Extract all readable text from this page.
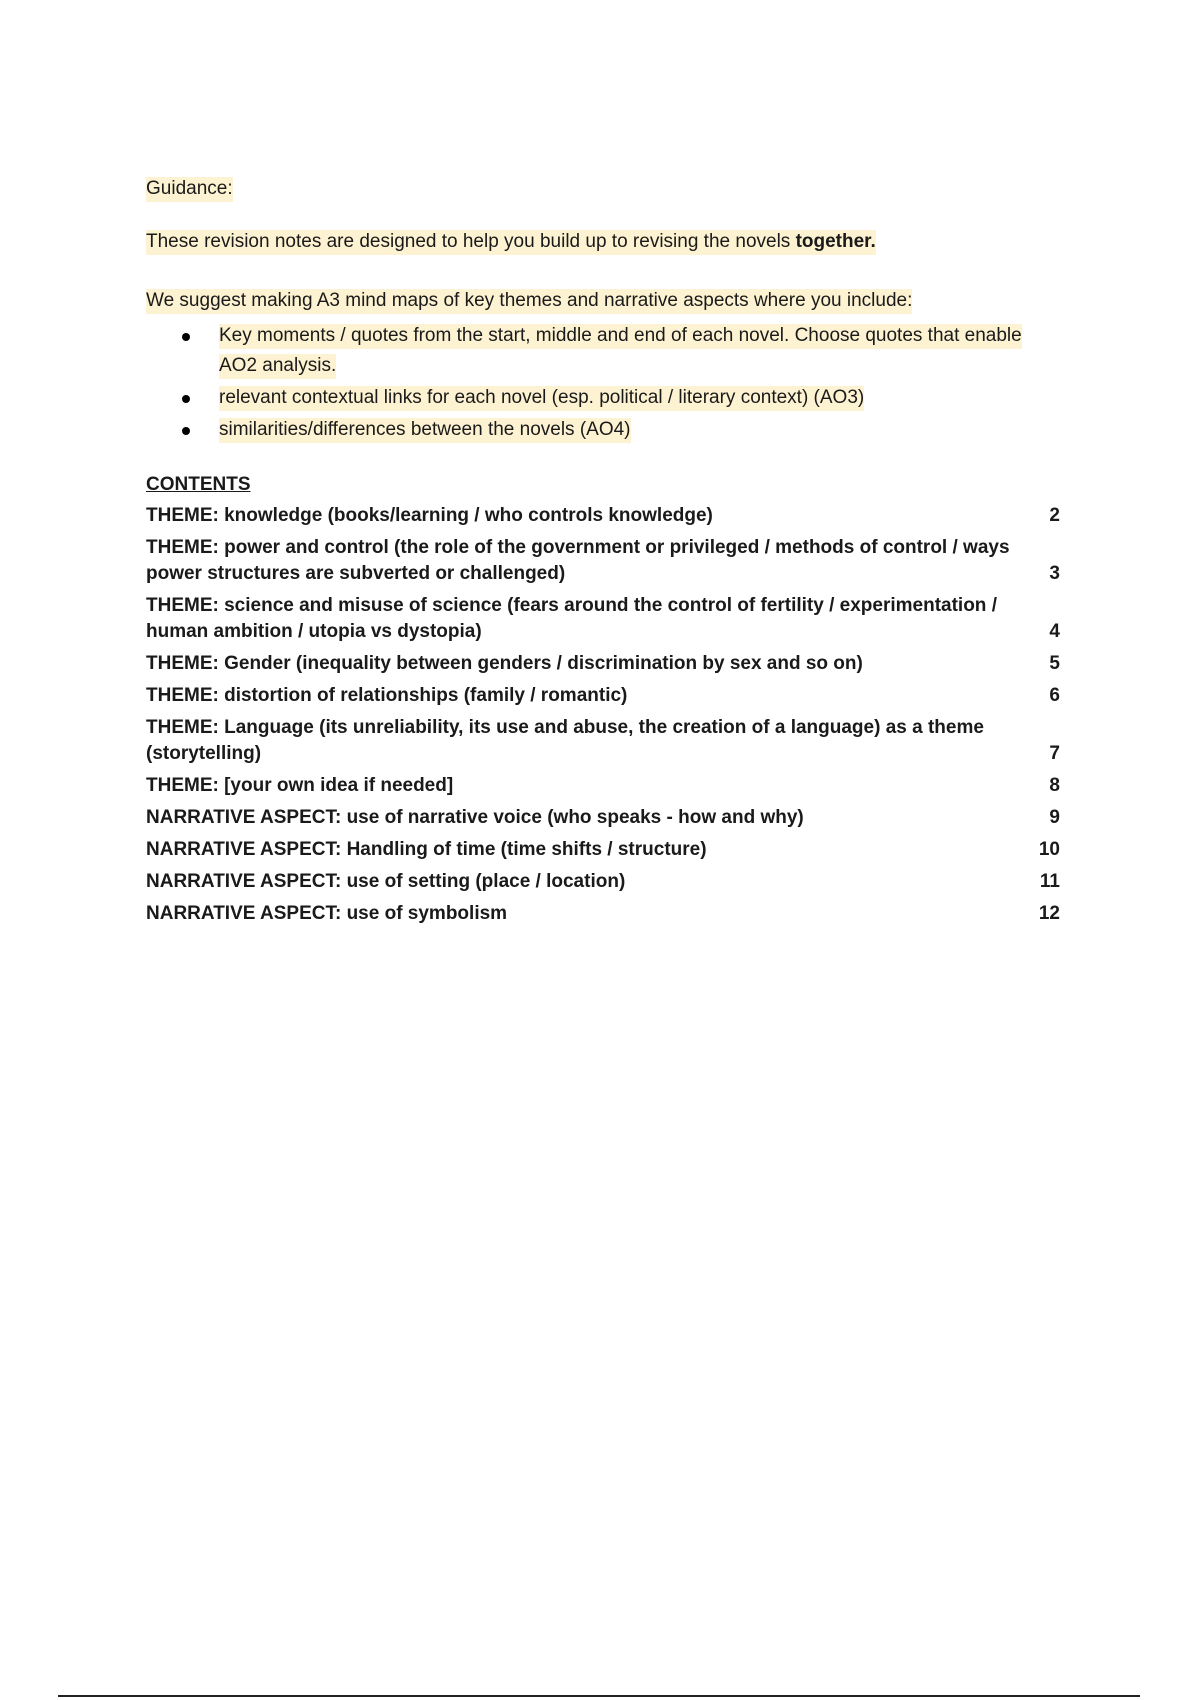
Guidance:
These revision notes are designed to help you build up to revising the novels together.
We suggest making A3 mind maps of key themes and narrative aspects where you include:
Key moments / quotes from the start, middle and end of each novel. Choose quotes that enable AO2 analysis.
relevant contextual links for each novel (esp. political / literary context) (AO3)
similarities/differences between the novels (AO4)
CONTENTS
THEME: knowledge (books/learning / who controls knowledge)	2
THEME: power and control (the role of the government or privileged / methods of control / ways power structures are subverted or challenged)	3
THEME: science and misuse of science (fears around the control of fertility / experimentation / human ambition / utopia vs dystopia)	4
THEME: Gender (inequality between genders / discrimination by sex and so on)	5
THEME: distortion of relationships (family / romantic)	6
THEME: Language (its unreliability, its use and abuse, the creation of a language) as a theme (storytelling)	7
THEME: [your own idea if needed]	8
NARRATIVE ASPECT: use of narrative voice (who speaks - how and why)	9
NARRATIVE ASPECT: Handling of time (time shifts / structure)	10
NARRATIVE ASPECT: use of setting (place / location)	11
NARRATIVE ASPECT: use of symbolism	12
